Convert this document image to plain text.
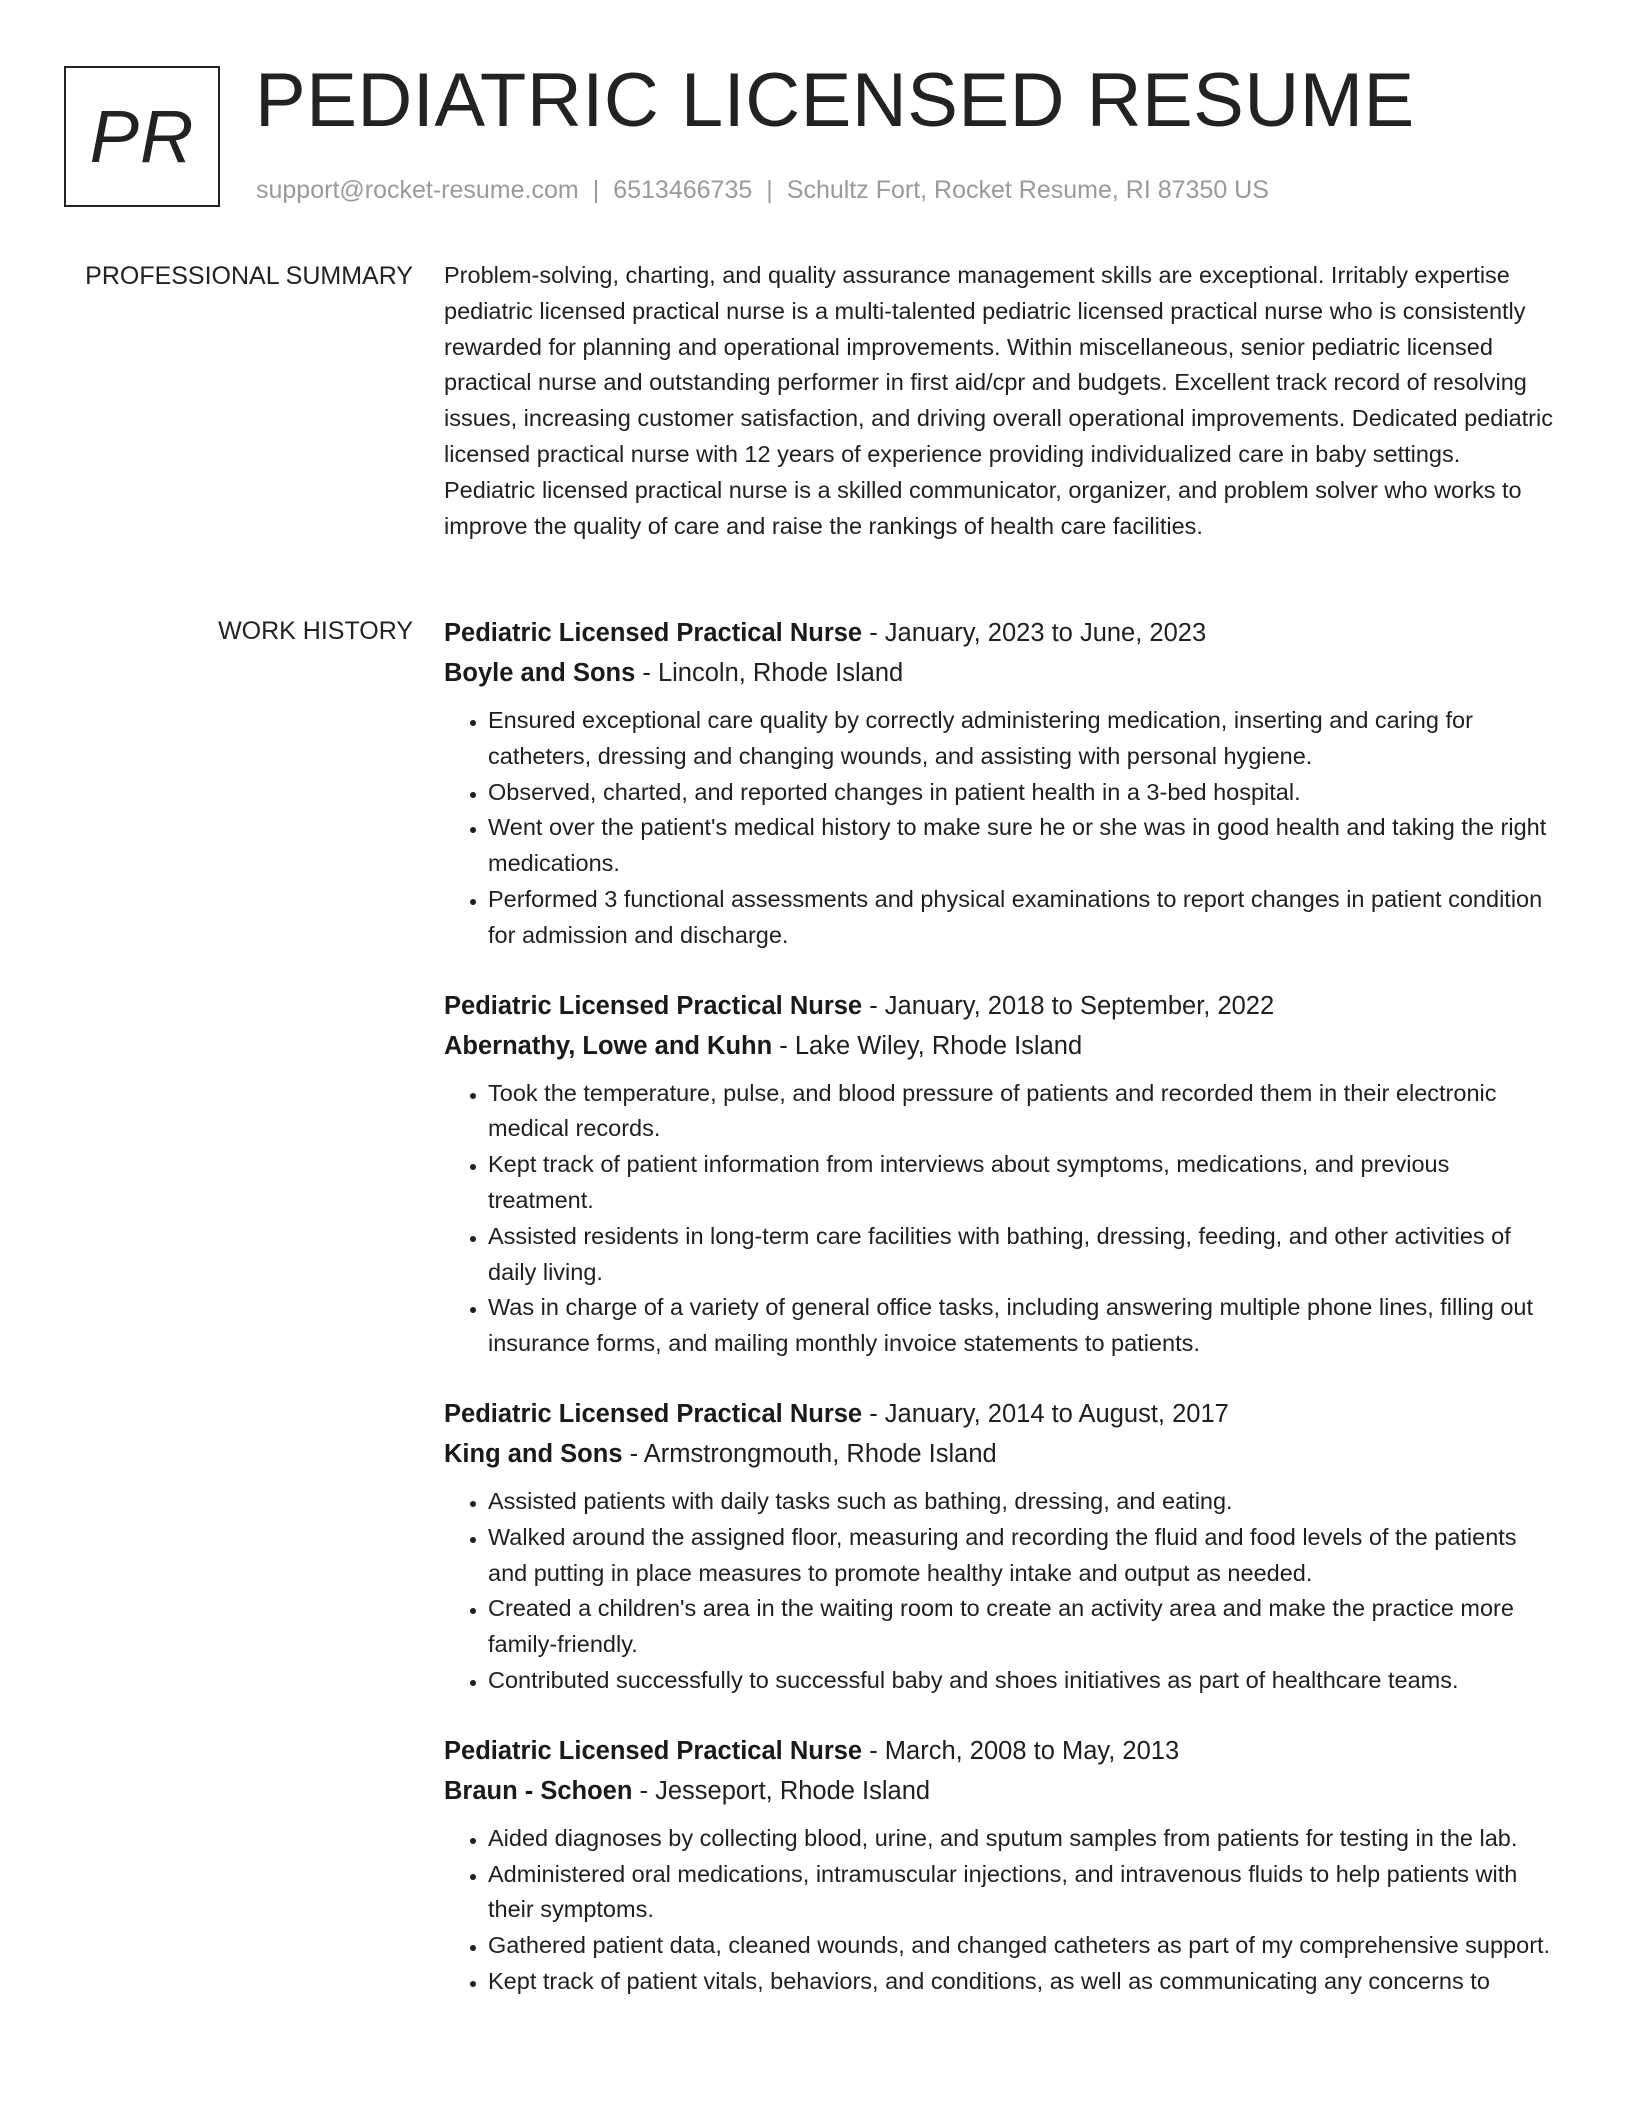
PR PEDIATRIC LICENSED RESUME
support@rocket-resume.com | 6513466735 | Schultz Fort, Rocket Resume, RI 87350 US
PROFESSIONAL SUMMARY Problem-solving, charting, and quality assurance management skills are exceptional. Irritably expertise pediatric licensed practical nurse is a multi-talented pediatric licensed practical nurse who is consistently rewarded for planning and operational improvements. Within miscellaneous, senior pediatric licensed practical nurse and outstanding performer in first aid/cpr and budgets. Excellent track record of resolving issues, increasing customer satisfaction, and driving overall operational improvements. Dedicated pediatric licensed practical nurse with 12 years of experience providing individualized care in baby settings. Pediatric licensed practical nurse is a skilled communicator, organizer, and problem solver who works to improve the quality of care and raise the rankings of health care facilities.

WORK HISTORY Pediatric Licensed Practical Nurse - January, 2023 to June, 2023
Boyle and Sons - Lincoln, Rhode Island
• Ensured exceptional care quality by correctly administering medication, inserting and caring for catheters, dressing and changing wounds, and assisting with personal hygiene.
• Observed, charted, and reported changes in patient health in a 3-bed hospital.
• Went over the patient's medical history to make sure he or she was in good health and taking the right medications.
• Performed 3 functional assessments and physical examinations to report changes in patient condition for admission and discharge.
Pediatric Licensed Practical Nurse - January, 2018 to September, 2022
Abernathy, Lowe and Kuhn - Lake Wiley, Rhode Island
• Took the temperature, pulse, and blood pressure of patients and recorded them in their electronic medical records.
• Kept track of patient information from interviews about symptoms, medications, and previous treatment.
• Assisted residents in long-term care facilities with bathing, dressing, feeding, and other activities of daily living.
• Was in charge of a variety of general office tasks, including answering multiple phone lines, filling out insurance forms, and mailing monthly invoice statements to patients.
Pediatric Licensed Practical Nurse - January, 2014 to August, 2017
King and Sons - Armstrongmouth, Rhode Island
• Assisted patients with daily tasks such as bathing, dressing, and eating.
• Walked around the assigned floor, measuring and recording the fluid and food levels of the patients and putting in place measures to promote healthy intake and output as needed.
• Created a children's area in the waiting room to create an activity area and make the practice more family-friendly.
• Contributed successfully to successful baby and shoes initiatives as part of healthcare teams.
Pediatric Licensed Practical Nurse - March, 2008 to May, 2013
Braun - Schoen - Jesseport, Rhode Island
• Aided diagnoses by collecting blood, urine, and sputum samples from patients for testing in the lab.
• Administered oral medications, intramuscular injections, and intravenous fluids to help patients with their symptoms.
• Gathered patient data, cleaned wounds, and changed catheters as part of my comprehensive support.
• Kept track of patient vitals, behaviors, and conditions, as well as communicating any concerns to
